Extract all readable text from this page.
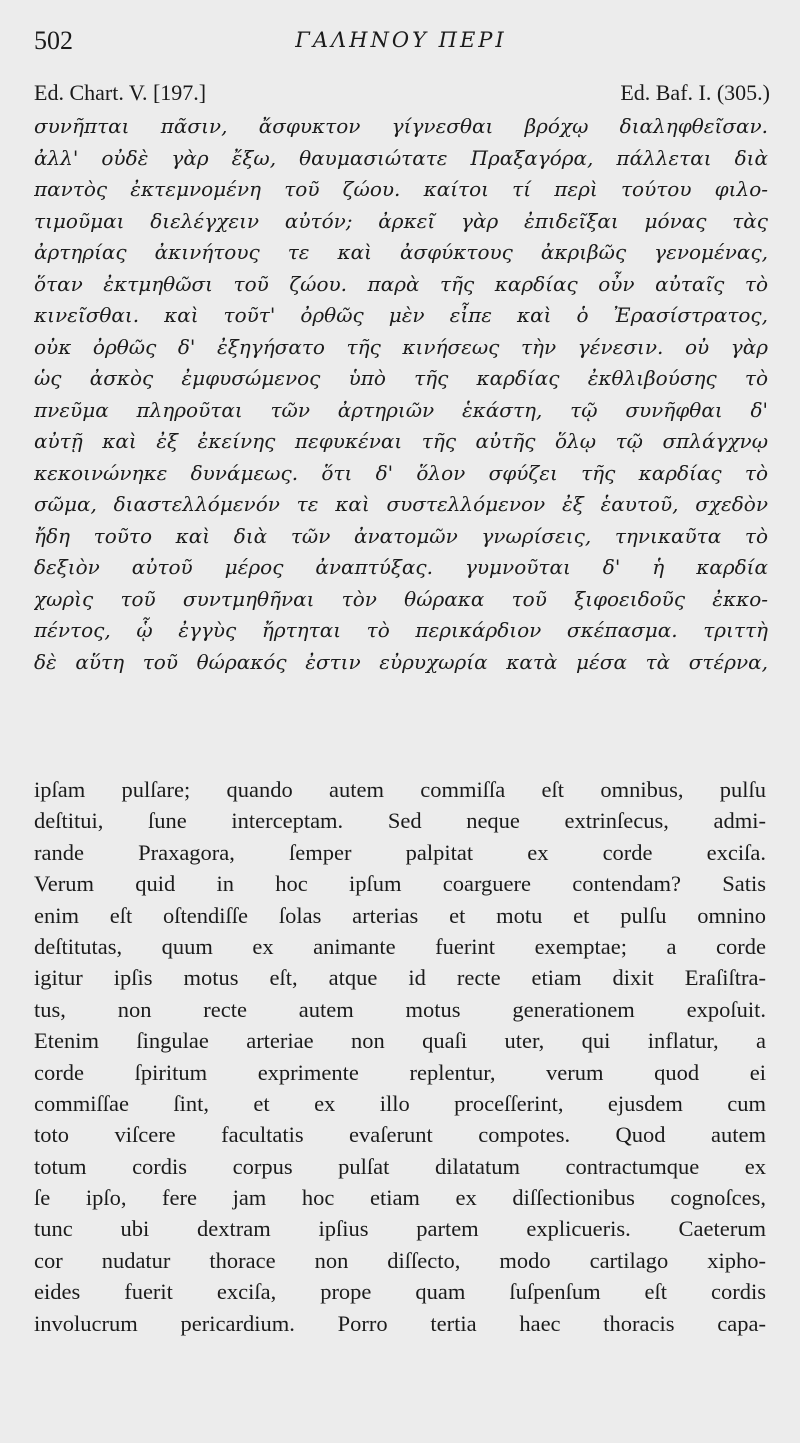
502	ΓΑΛΗΝΟΥ ΠΕΡΙ
Ed. Chart. V. [197.]	Ed. Baf. I. (305.)
συνῆπται πᾶσιν, ἄσφυκτον γίγνεσθαι βρόχῳ διαληφθεῖσαν.
ἀλλ' οὐδὲ γὰρ ἔξω, θαυμασιώτατε Πραξαγόρα, πάλλεται διὰ
παντὸς ἐκτεμνομένη τοῦ ζώου. καίτοι τί περὶ τούτου φιλο-
τιμοῦμαι διελέγχειν αὐτόν; ἀρκεῖ γὰρ ἐπιδεῖξαι μόνας τὰς
ἀρτηρίας ἀκινήτους τε καὶ ἀσφύκτους ἀκριβῶς γενομένας,
ὅταν ἐκτμηθῶσι τοῦ ζώου. παρὰ τῆς καρδίας οὖν αὐταῖς τὸ
κινεῖσθαι. καὶ τοῦτ' ὀρθῶς μὲν εἶπε καὶ ὁ Ἐρασίστρατος,
οὐκ ὀρθῶς δ' ἐξηγήσατο τῆς κινήσεως τὴν γένεσιν. οὐ γὰρ
ὡς ἀσκὸς ἐμφυσώμενος ὑπὸ τῆς καρδίας ἐκθλιβούσης τὸ
πνεῦμα πληροῦται τῶν ἀρτηριῶν ἑκάστη, τῷ συνῆφθαι δ'
αὐτῇ καὶ ἐξ ἐκείνης πεφυκέναι τῆς αὐτῆς ὅλῳ τῷ σπλάγχνῳ
κεκοινώνηκε δυνάμεως. ὅτι δ' ὅλον σφύζει τῆς καρδίας τὸ
σῶμα, διαστελλόμενόν τε καὶ συστελλόμενον ἐξ ἑαυτοῦ, σχεδὸν
ἤδη τοῦτο καὶ διὰ τῶν ἀνατομῶν γνωρίσεις, τηνικαῦτα τὸ
δεξιὸν αὐτοῦ μέρος ἀναπτύξας. γυμνοῦται δ' ἡ καρδία
χωρὶς τοῦ συντμηθῆναι τὸν θώρακα τοῦ ξιφοειδοῦς ἐκκο-
πέντος, ᾧ ἐγγὺς ἤρτηται τὸ περικάρδιον σκέπασμα. τριττὴ
δὲ αὕτη τοῦ θώρακός ἐστιν εὐρυχωρία κατὰ μέσα τὰ στέρνα,
ipſam pulſare; quando autem commiſſa eſt omnibus, pulſu
deſtitui, ſune interceptam. Sed neque extrinſecus, admi-
rande Praxagora, ſemper palpitat ex corde exciſa.
Verum quid in hoc ipſum coarguere contendam? Satis
enim eſt oſtendiſſe ſolas arterias et motu et pulſu omnino
deſtitutas, quum ex animante fuerint exemptae; a corde
igitur ipſis motus eſt, atque id recte etiam dixit Eraſiſtra-
tus, non recte autem motus generationem expoſuit.
Etenim ſingulae arteriae non quaſi uter, qui inflatur, a
corde ſpiritum exprimente replentur, verum quod ei
commiſſae ſint, et ex illo proceſſerint, ejusdem cum
toto viſcere facultatis evaſerunt compotes. Quod autem
totum cordis corpus pulſat dilatatum contractumque ex
ſe ipſo, fere jam hoc etiam ex diſſectionibus cognoſces,
tunc ubi dextram ipſius partem explicueris. Caeterum
cor nudatur thorace non diſſecto, modo cartilago xipho-
eides fuerit exciſa, prope quam ſuſpenſum eſt cordis
involucrum pericardium. Porro tertia haec thoracis capa-
